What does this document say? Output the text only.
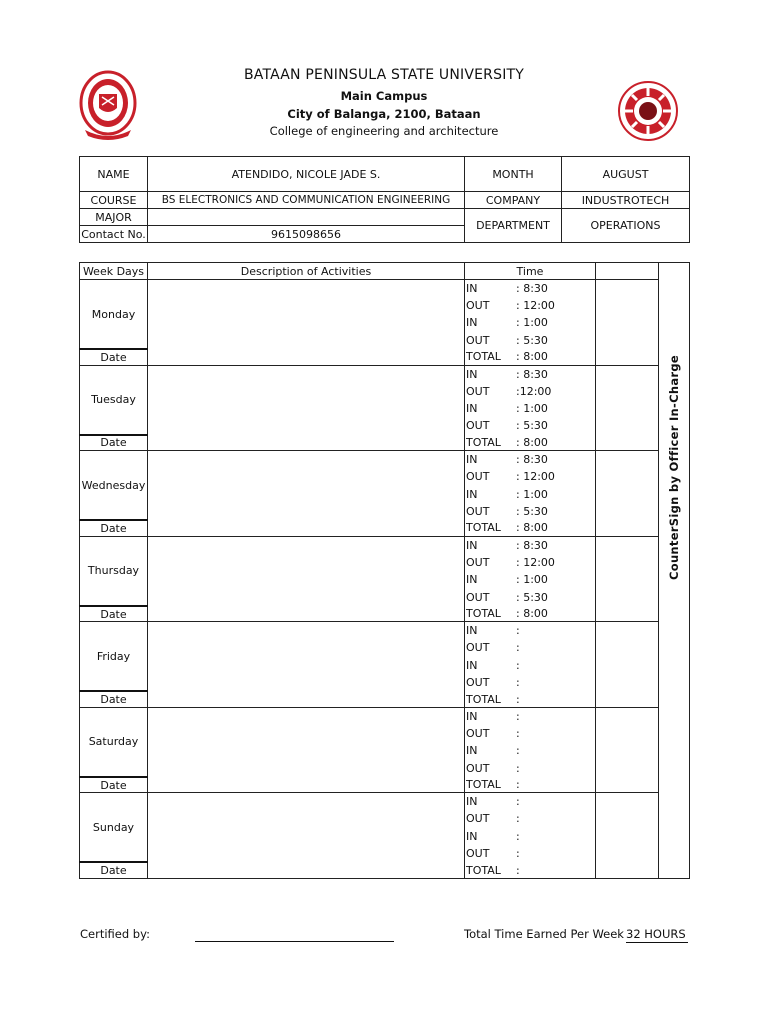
BATAAN PENINSULA STATE UNIVERSITY
Main Campus
City of Balanga, 2100, Bataan
College of engineering and architecture
NAME	ATENDIDO, NICOLE JADE S.	MONTH	AUGUST
COURSE	BS ELECTRONICS AND COMMUNICATION ENGINEERING	COMPANY	INDUSTROTECH
MAJOR		DEPARTMENT	OPERATIONS
Contact No.	9615098656		
Week Days	Description of Activities	Time		CounterSign by Officer In-Charge

Monday		IN : 8:30		
		OUT : 12:00		
		IN : 1:00		
		OUT : 5:30		
Date		TOTAL : 8:00		
Tuesday		IN : 8:30		
		OUT :12:00		
		IN : 1:00		
		OUT : 5:30		
Date		TOTAL : 8:00		
Wednesday		IN : 8:30		
		OUT : 12:00		
		IN : 1:00		
		OUT : 5:30		
Date		TOTAL : 8:00		
Thursday		IN : 8:30		
		OUT : 12:00		
		IN : 1:00		
		OUT : 5:30		
Date		TOTAL : 8:00		
Friday		IN :		
		OUT :		
		IN :		
		OUT :		
Date		TOTAL :		
Saturday		IN :		
		OUT :		
		IN :		
		OUT :		
Date		TOTAL :		
Sunday		IN :		
		OUT :		
		IN :		
		OUT :		
Date		TOTAL :		
Certified by:	Total Time Earned Per Week 32 HOURS
